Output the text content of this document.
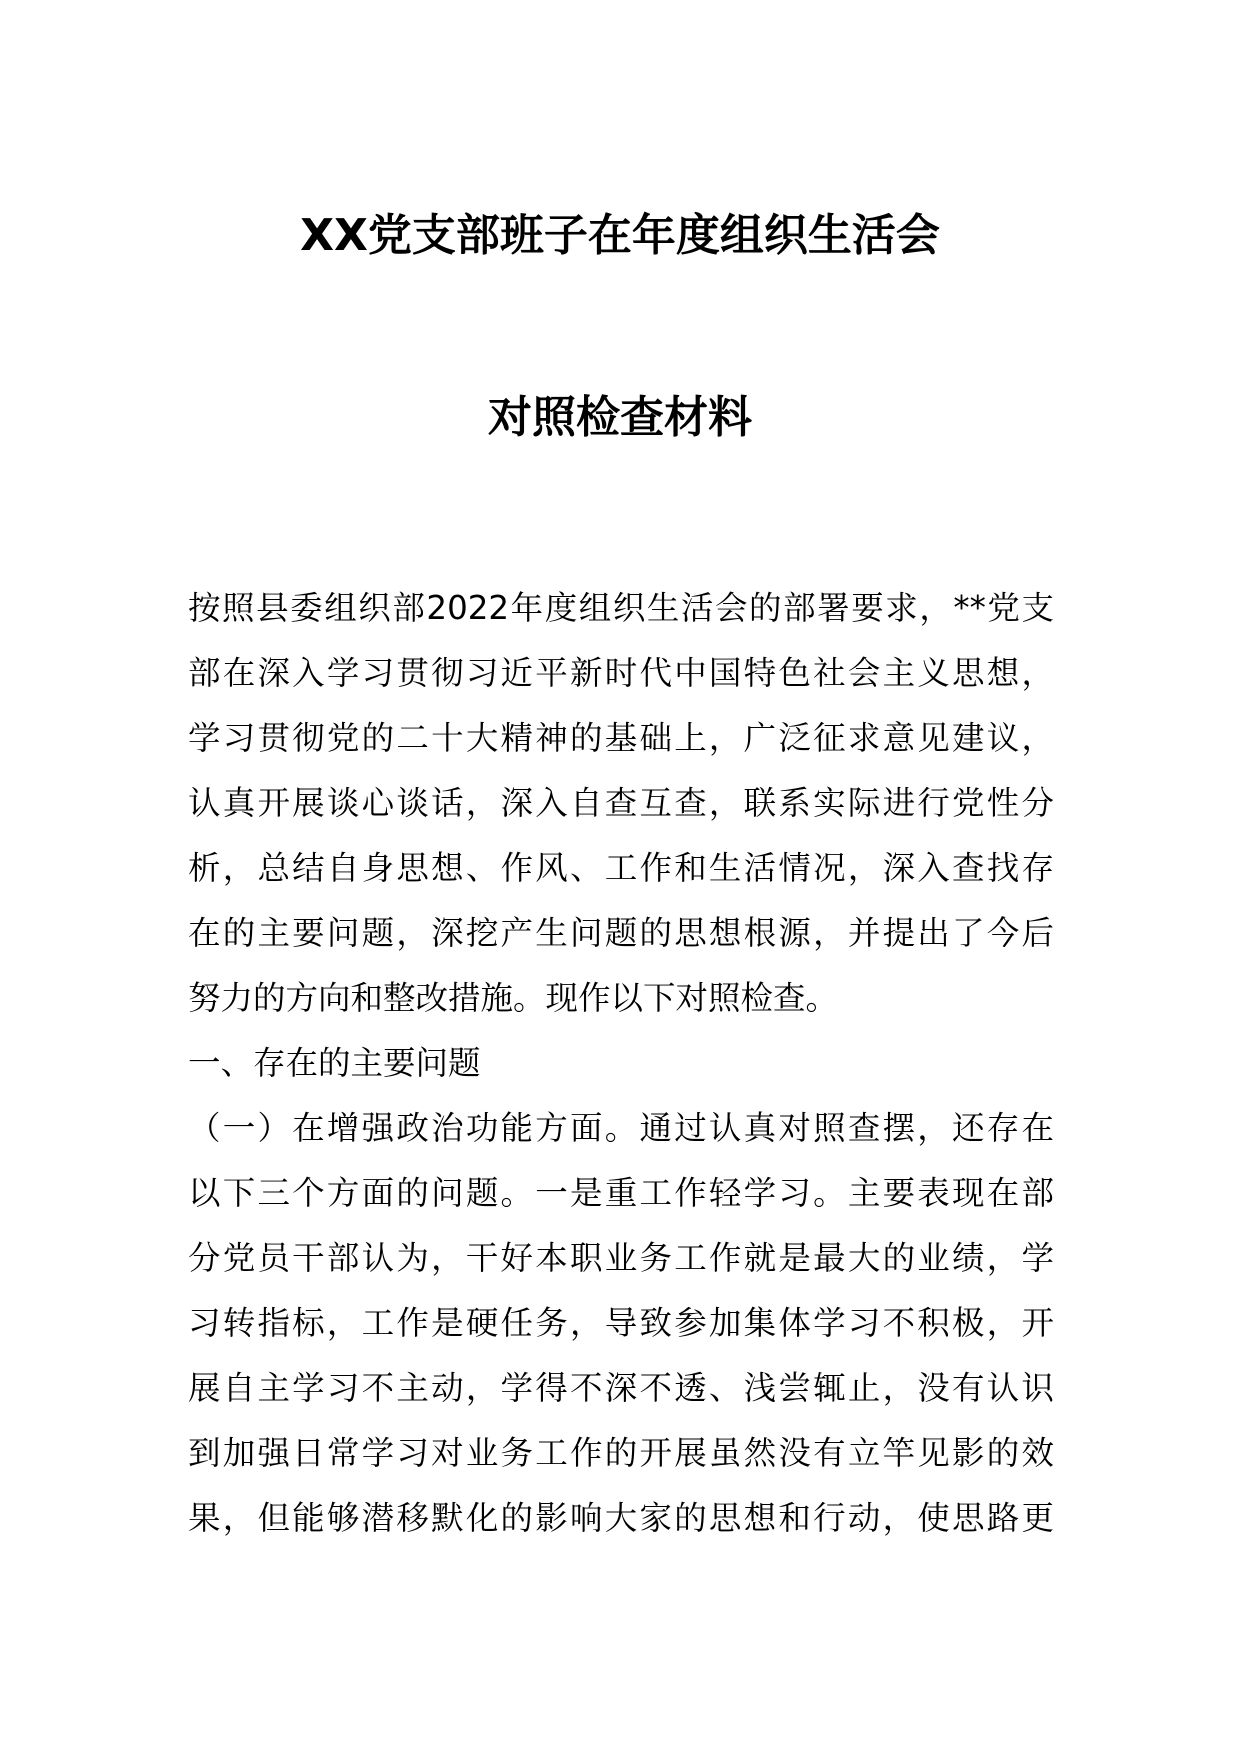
XX党支部班子在年度组织生活会
对照检查材料
按照县委组织部2022年度组织生活会的部署要求，**党支
部在深入学习贯彻习近平新时代中国特色社会主义思想，
学习贯彻党的二十大精神的基础上，广泛征求意见建议，
认真开展谈心谈话，深入自查互查，联系实际进行党性分
析，总结自身思想、作风、工作和生活情况，深入查找存
在的主要问题，深挖产生问题的思想根源，并提出了今后
努力的方向和整改措施。现作以下对照检查。
一、存在的主要问题
（一）在增强政治功能方面。通过认真对照查摆，还存在
以下三个方面的问题。一是重工作轻学习。主要表现在部
分党员干部认为，干好本职业务工作就是最大的业绩，学
习转指标，工作是硬任务，导致参加集体学习不积极，开
展自主学习不主动，学得不深不透、浅尝辄止，没有认识
到加强日常学习对业务工作的开展虽然没有立竿见影的效
果，但能够潜移默化的影响大家的思想和行动，使思路更
